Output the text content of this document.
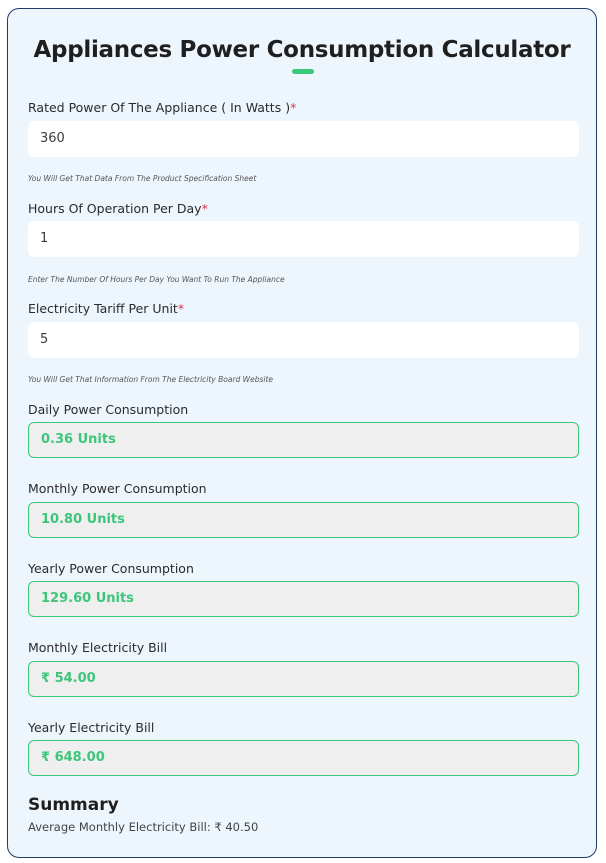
Appliances Power Consumption Calculator
Rated Power Of The Appliance ( In Watts )*
360
You Will Get That Data From The Product Specification Sheet
Hours Of Operation Per Day*
1
Enter The Number Of Hours Per Day You Want To Run The Appliance
Electricity Tariff Per Unit*
5
You Will Get That Information From The Electricity Board Website
Daily Power Consumption
0.36 Units
Monthly Power Consumption
10.80 Units
Yearly Power Consumption
129.60 Units
Monthly Electricity Bill
₹ 54.00
Yearly Electricity Bill
₹ 648.00
Summary
Average Monthly Electricity Bill: ₹ 40.50
